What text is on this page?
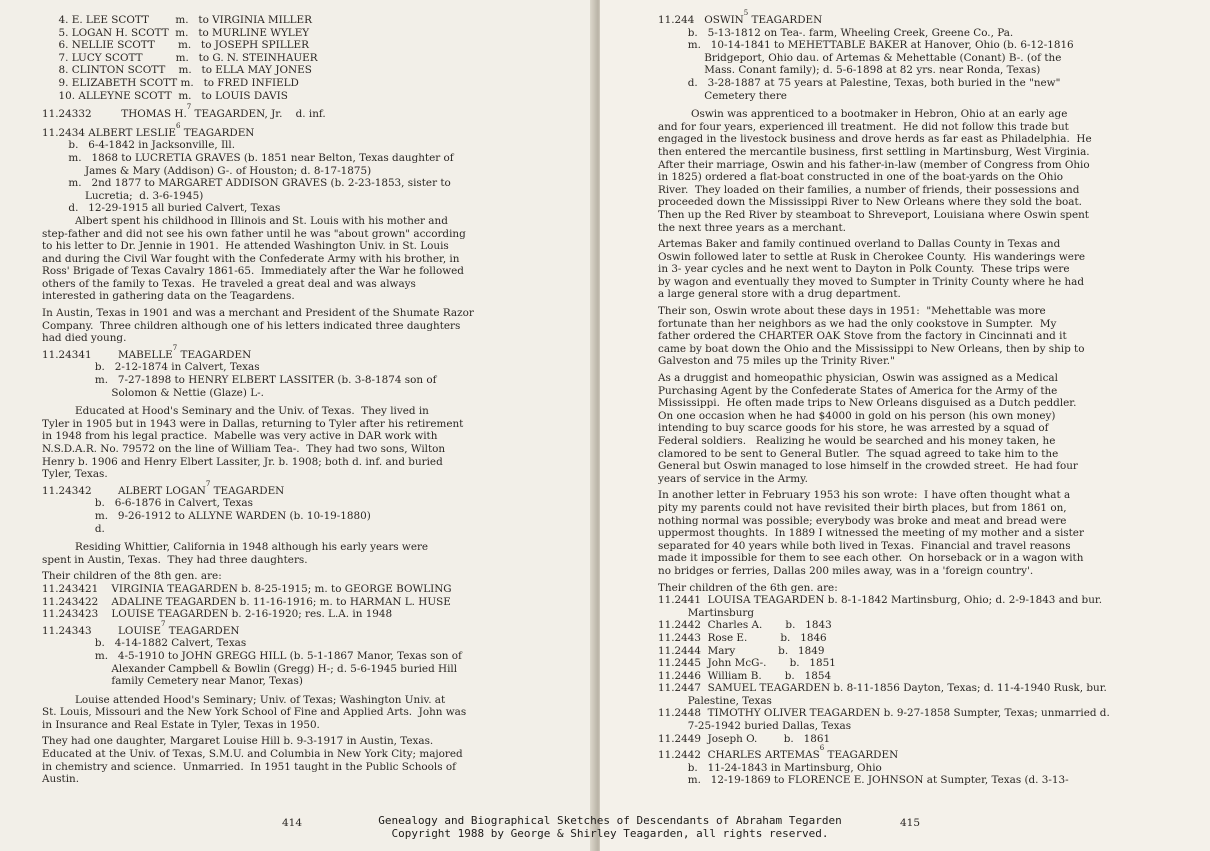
4. E. LEE SCOTT        m.   to VIRGINIA MILLER
5. LOGAN H. SCOTT  m.   to MURLINE WYLEY
6. NELLIE SCOTT       m.   to JOSEPH SPILLER
7. LUCY SCOTT          m.   to G. N. STEINHAUER
8. CLINTON SCOTT    m.   to ELLA MAY JONES
9. ELIZABETH SCOTT m.   to FRED INFIELD
10. ALLEYNE SCOTT  m.   to LOUIS DAVIS
11.24332         THOMAS H.$^7$ TEAGARDEN, Jr.    d. inf.
11.2434 ALBERT LESLIE$^6$ TEAGARDEN
b.   6-4-1842 in Jacksonville, Ill.
m.   1868 to LUCRETIA GRAVES (b. 1851 near Belton, Texas daughter of
James & Mary (Addison) G-. of Houston; d. 8-17-1875)
m.   2nd 1877 to MARGARET ADDISON GRAVES (b. 2-23-1853, sister to
Lucretia;  d. 3-6-1945)
d.   12-29-1915 all buried Calvert, Texas
Albert spent his childhood in Illinois and St. Louis with his mother and
step-father and did not see his own father until he was "about grown" according
to his letter to Dr. Jennie in 1901.  He attended Washington Univ. in St. Louis
and during the Civil War fought with the Confederate Army with his brother, in
Ross' Brigade of Texas Cavalry 1861-65.  Immediately after the War he followed
others of the family to Texas.  He traveled a great deal and was always
interested in gathering data on the Teagardens.
In Austin, Texas in 1901 and was a merchant and President of the Shumate Razor
Company.  Three children although one of his letters indicated three daughters
had died young.
11.24341        MABELLE$^7$ TEAGARDEN
b.   2-12-1874 in Calvert, Texas
m.   7-27-1898 to HENRY ELBERT LASSITER (b. 3-8-1874 son of
Solomon & Nettie (Glaze) L-.
Educated at Hood's Seminary and the Univ. of Texas.  They lived in
Tyler in 1905 but in 1943 were in Dallas, returning to Tyler after his retirement
in 1948 from his legal practice.  Mabelle was very active in DAR work with
N.S.D.A.R. No. 79572 on the line of William Tea-.  They had two sons, Wilton
Henry b. 1906 and Henry Elbert Lassiter, Jr. b. 1908; both d. inf. and buried
Tyler, Texas.
11.24342        ALBERT LOGAN$^7$ TEAGARDEN
b.   6-6-1876 in Calvert, Texas
m.   9-26-1912 to ALLYNE WARDEN (b. 10-19-1880)
d.
Residing Whittier, California in 1948 although his early years were
spent in Austin, Texas.  They had three daughters.
Their children of the 8th gen. are:
11.243421    VIRGINIA TEAGARDEN b. 8-25-1915; m. to GEORGE BOWLING
11.243422    ADALINE TEAGARDEN b. 11-16-1916; m. to HARMAN L. HUSE
11.243423    LOUISE TEAGARDEN b. 2-16-1920; res. L.A. in 1948
11.24343        LOUISE$^7$ TEAGARDEN
b.   4-14-1882 Calvert, Texas
m.   4-5-1910 to JOHN GREGG HILL (b. 5-1-1867 Manor, Texas son of
Alexander Campbell & Bowlin (Gregg) H-; d. 5-6-1945 buried Hill
family Cemetery near Manor, Texas)
Louise attended Hood's Seminary; Univ. of Texas; Washington Univ. at
St. Louis, Missouri and the New York School of Fine and Applied Arts.  John was
in Insurance and Real Estate in Tyler, Texas in 1950.
They had one daughter, Margaret Louise Hill b. 9-3-1917 in Austin, Texas.
Educated at the Univ. of Texas, S.M.U. and Columbia in New York City; majored
in chemistry and science.  Unmarried.  In 1951 taught in the Public Schools of
Austin.
414
11.244   OSWIN$^5$ TEAGARDEN
b.   5-13-1812 on Tea-. farm, Wheeling Creek, Greene Co., Pa.
m.   10-14-1841 to MEHETTABLE BAKER at Hanover, Ohio (b. 6-12-1816
Bridgeport, Ohio dau. of Artemas & Mehettable (Conant) B-. (of the
Mass. Conant family); d. 5-6-1898 at 82 yrs. near Ronda, Texas)
d.   3-28-1887 at 75 years at Palestine, Texas, both buried in the "new"
Cemetery there
Oswin was apprenticed to a bootmaker in Hebron, Ohio at an early age
and for four years, experienced ill treatment.  He did not follow this trade but
engaged in the livestock business and drove herds as far east as Philadelphia.  He
then entered the mercantile business, first settling in Martinsburg, West Virginia.
After their marriage, Oswin and his father-in-law (member of Congress from Ohio
in 1825) ordered a flat-boat constructed in one of the boat-yards on the Ohio
River.  They loaded on their families, a number of friends, their possessions and
proceeded down the Mississippi River to New Orleans where they sold the boat.
Then up the Red River by steamboat to Shreveport, Louisiana where Oswin spent
the next three years as a merchant.
Artemas Baker and family continued overland to Dallas County in Texas and
Oswin followed later to settle at Rusk in Cherokee County.  His wanderings were
in 3- year cycles and he next went to Dayton in Polk County.  These trips were
by wagon and eventually they moved to Sumpter in Trinity County where he had
a large general store with a drug department.
Their son, Oswin wrote about these days in 1951:  "Mehettable was more
fortunate than her neighbors as we had the only cookstove in Sumpter.  My
father ordered the CHARTER OAK Stove from the factory in Cincinnati and it
came by boat down the Ohio and the Mississippi to New Orleans, then by ship to
Galveston and 75 miles up the Trinity River."
As a druggist and homeopathic physician, Oswin was assigned as a Medical
Purchasing Agent by the Confederate States of America for the Army of the
Mississippi.  He often made trips to New Orleans disguised as a Dutch peddler.
On one occasion when he had $4000 in gold on his person (his own money)
intending to buy scarce goods for his store, he was arrested by a squad of
Federal soldiers.   Realizing he would be searched and his money taken, he
clamored to be sent to General Butler.  The squad agreed to take him to the
General but Oswin managed to lose himself in the crowded street.  He had four
years of service in the Army.
In another letter in February 1953 his son wrote:  I have often thought what a
pity my parents could not have revisited their birth places, but from 1861 on,
nothing normal was possible; everybody was broke and meat and bread were
uppermost thoughts.  In 1889 I witnessed the meeting of my mother and a sister
separated for 40 years while both lived in Texas.  Financial and travel reasons
made it impossible for them to see each other.  On horseback or in a wagon with
no bridges or ferries, Dallas 200 miles away, was in a 'foreign country'.
Their children of the 6th gen. are:
11.2441  LOUISA TEAGARDEN b. 8-1-1842 Martinsburg, Ohio; d. 2-9-1843 and bur.
Martinsburg
11.2442  Charles A.       b.   1843
11.2443  Rose E.          b.   1846
11.2444  Mary             b.   1849
11.2445  John McG-.       b.   1851
11.2446  William B.       b.   1854
11.2447  SAMUEL TEAGARDEN b. 8-11-1856 Dayton, Texas; d. 11-4-1940 Rusk, bur.
Palestine, Texas
11.2448  TIMOTHY OLIVER TEAGARDEN b. 9-27-1858 Sumpter, Texas; unmarried d.
7-25-1942 buried Dallas, Texas
11.2449  Joseph O.        b.   1861
11.2442  CHARLES ARTEMAS$^6$ TEAGARDEN
b.   11-24-1843 in Martinsburg, Ohio
m.   12-19-1869 to FLORENCE E. JOHNSON at Sumpter, Texas (d. 3-13-
415
Genealogy and Biographical Sketches of Descendants of Abraham Tegarden
Copyright 1988 by George & Shirley Teagarden, all rights reserved.
